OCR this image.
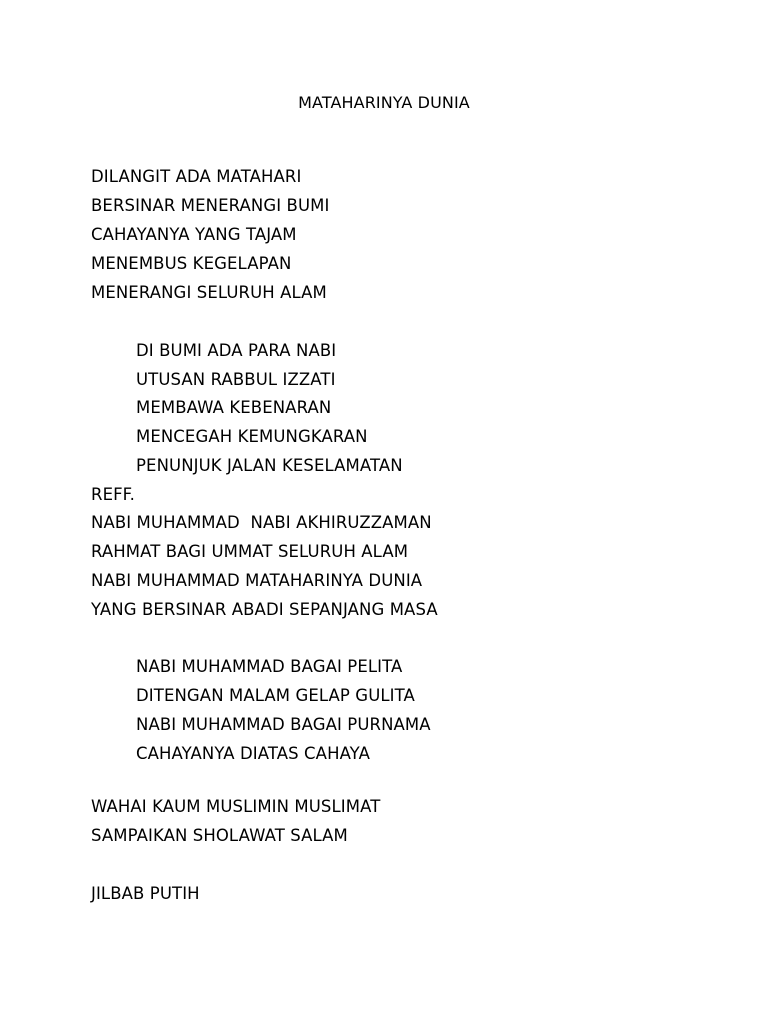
MATAHARINYA DUNIA
DILANGIT ADA MATAHARI
BERSINAR MENERANGI BUMI
CAHAYANYA YANG TAJAM
MENEMBUS KEGELAPAN
MENERANGI SELURUH ALAM
DI BUMI ADA PARA NABI
UTUSAN RABBUL IZZATI
MEMBAWA KEBENARAN
MENCEGAH KEMUNGKARAN
PENUNJUK JALAN KESELAMATAN
REFF.
NABI MUHAMMAD  NABI AKHIRUZZAMAN
RAHMAT BAGI UMMAT SELURUH ALAM
NABI MUHAMMAD MATAHARINYA DUNIA
YANG BERSINAR ABADI SEPANJANG MASA
NABI MUHAMMAD BAGAI PELITA
DITENGAN MALAM GELAP GULITA
NABI MUHAMMAD BAGAI PURNAMA
CAHAYANYA DIATAS CAHAYA
WAHAI KAUM MUSLIMIN MUSLIMAT
SAMPAIKAN SHOLAWAT SALAM
JILBAB PUTIH
